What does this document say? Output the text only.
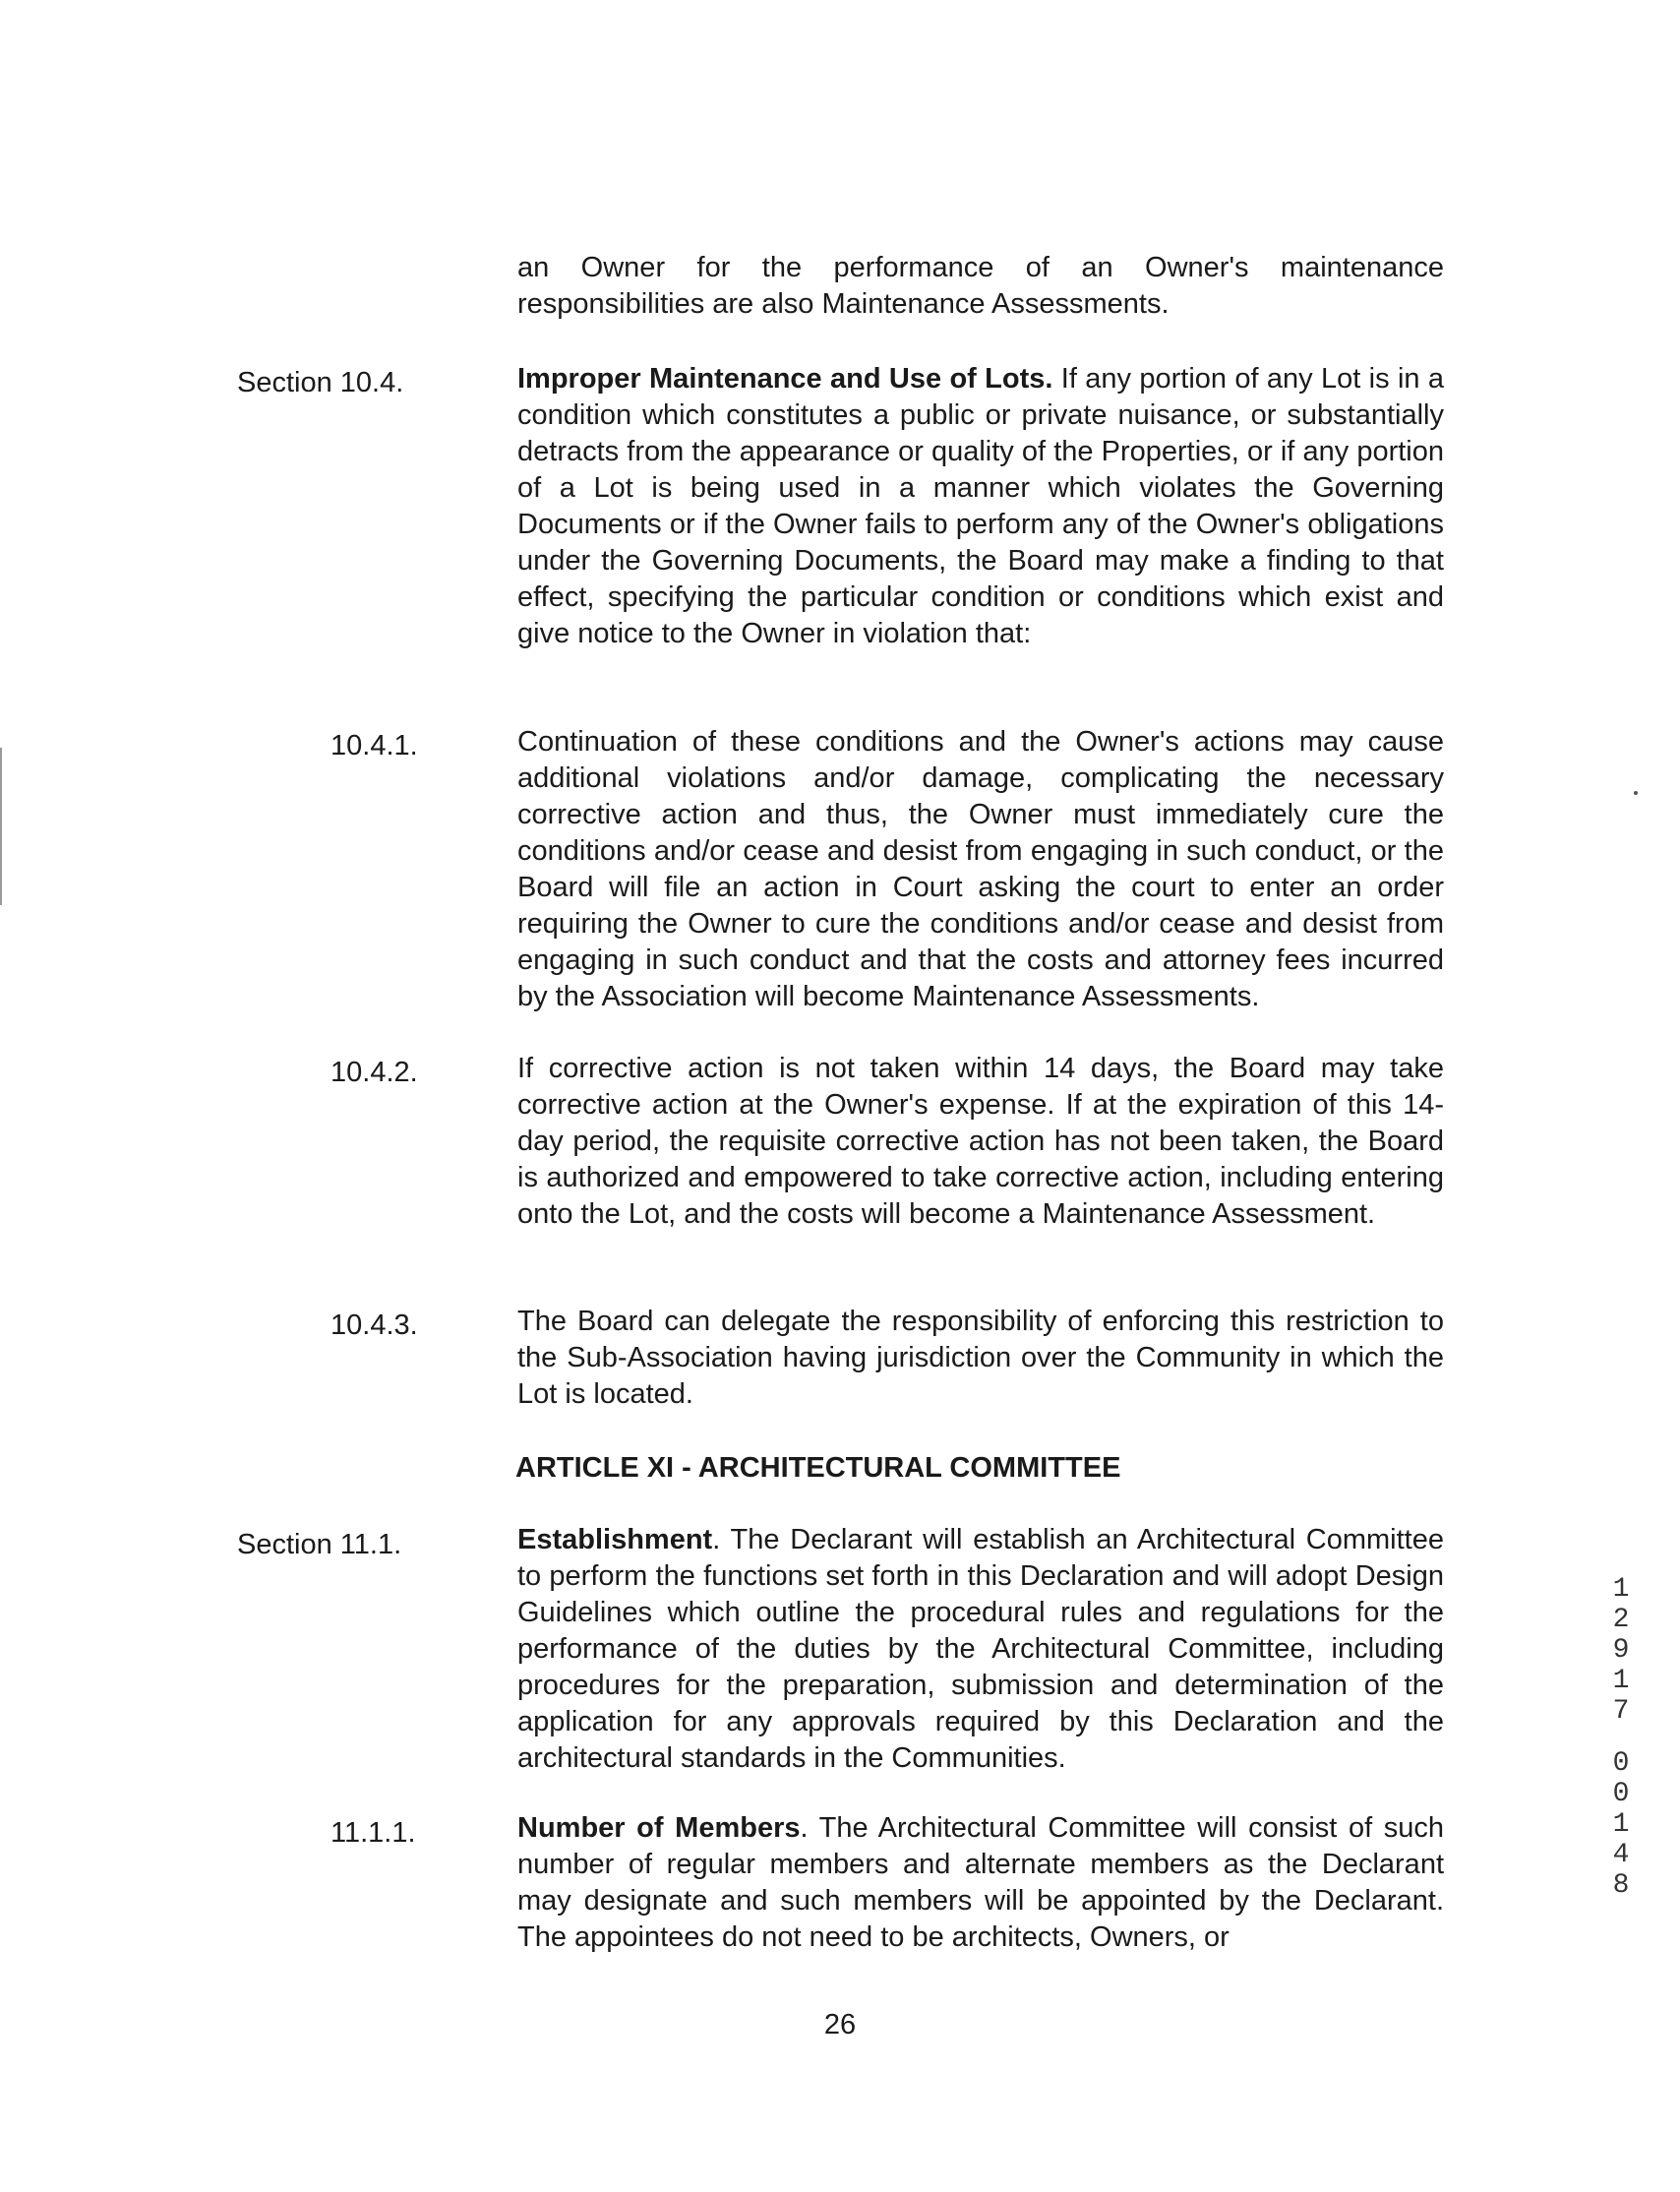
an Owner for the performance of an Owner's maintenance responsibilities are also Maintenance Assessments.
Section 10.4.	Improper Maintenance and Use of Lots. If any portion of any Lot is in a condition which constitutes a public or private nuisance, or substantially detracts from the appearance or quality of the Properties, or if any portion of a Lot is being used in a manner which violates the Governing Documents or if the Owner fails to perform any of the Owner's obligations under the Governing Documents, the Board may make a finding to that effect, specifying the particular condition or conditions which exist and give notice to the Owner in violation that:
10.4.1.	Continuation of these conditions and the Owner's actions may cause additional violations and/or damage, complicating the necessary corrective action and thus, the Owner must immediately cure the conditions and/or cease and desist from engaging in such conduct, or the Board will file an action in Court asking the court to enter an order requiring the Owner to cure the conditions and/or cease and desist from engaging in such conduct and that the costs and attorney fees incurred by the Association will become Maintenance Assessments.
10.4.2.	If corrective action is not taken within 14 days, the Board may take corrective action at the Owner's expense. If at the expiration of this 14-day period, the requisite corrective action has not been taken, the Board is authorized and empowered to take corrective action, including entering onto the Lot, and the costs will become a Maintenance Assessment.
10.4.3.	The Board can delegate the responsibility of enforcing this restriction to the Sub-Association having jurisdiction over the Community in which the Lot is located.
ARTICLE XI - ARCHITECTURAL COMMITTEE
Section 11.1.	Establishment. The Declarant will establish an Architectural Committee to perform the functions set forth in this Declaration and will adopt Design Guidelines which outline the procedural rules and regulations for the performance of the duties by the Architectural Committee, including procedures for the preparation, submission and determination of the application for any approvals required by this Declaration and the architectural standards in the Communities.
11.1.1.	Number of Members. The Architectural Committee will consist of such number of regular members and alternate members as the Declarant may designate and such members will be appointed by the Declarant. The appointees do not need to be architects, Owners, or
26
1
2
9
1
7
0
0
1
4
8
